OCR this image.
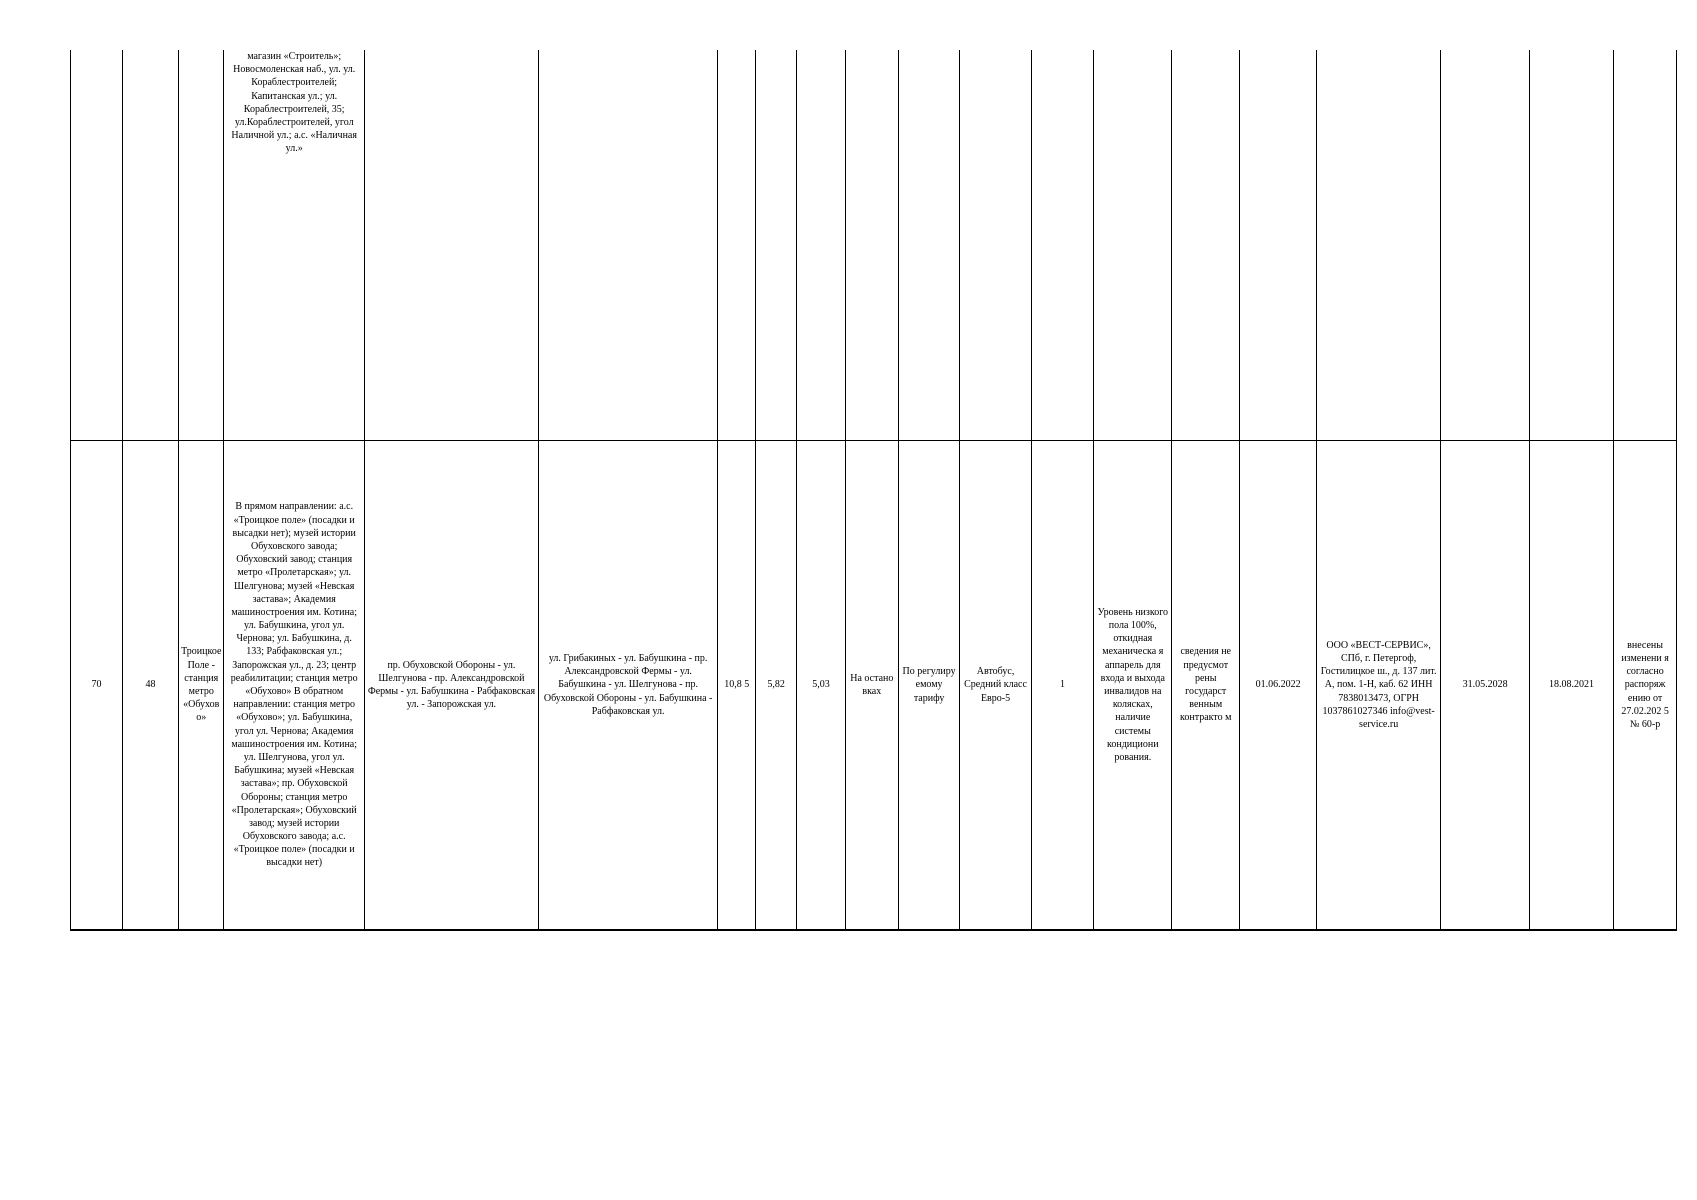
			магазин «Строитель»; Новосмоленская наб., ул. ул. Кораблестроителей; Капитанская ул.; ул. Кораблестроителей, 35; ул.Кораблестроителей, угол Наличной ул.; а.с. «Наличная ул.»																
70	48	Троицкое Поле - станция метро «Обухово»	В прямом направлении: а.с. «Троицкое поле» (посадки и высадки нет); музей истории Обуховского завода; Обуховский завод; станция метро «Пролетарская»; ул. Шелгунова; музей «Невская застава»; Академия машиностроения им. Котина; ул. Бабушкина, угол ул. Чернова; ул. Бабушкина, д. 133; Рабфаковская ул.; Запорожская ул., д. 23; центр реабилитации; станция метро «Обухово» В обратном направлении: станция метро «Обухово»; ул. Бабушкина, угол ул. Чернова; Академия машиностроения им. Котина; ул. Шелгунова, угол ул. Бабушкина; музей «Невская застава»; пр. Обуховской Обороны; станция метро «Пролетарская»; Обуховский завод; музей истории Обуховского завода; а.с. «Троицкое поле» (посадки и высадки нет)	пр. Обуховской Обороны - ул. Шелгунова - пр. Александровской Фермы - ул. Бабушкина - Рабфаковская ул. - Запорожская ул.	ул. Грибакиных - ул. Бабушкина - пр. Александровской Фермы - ул. Бабушкина - ул. Шелгунова - пр. Обуховской Обороны - ул. Бабушкина - Рабфаковская ул.	10,8 5	5,82	5,03	На остано вках	По регулиру емому тарифу	Автобус, Средний класс Евро-5	1	Уровень низкого пола 100%, откидная механическа я аппарель для входа и выхода инвалидов на колясках, наличие системы кондициони рования.	сведения не предусмот рены государст венным контракто м	01.06.2022	ООО «ВЕСТ-СЕРВИС», СПб, г. Петергоф, Гостилицкое ш., д. 137 лит. А, пом. 1-Н, каб. 62 ИНН 7838013473, ОГРН 1037861027346 info@vest-service.ru	31.05.2028	18.08.2021	внесены изменени я согласно распоряж ению от 27.02.202 5 № 60-р
